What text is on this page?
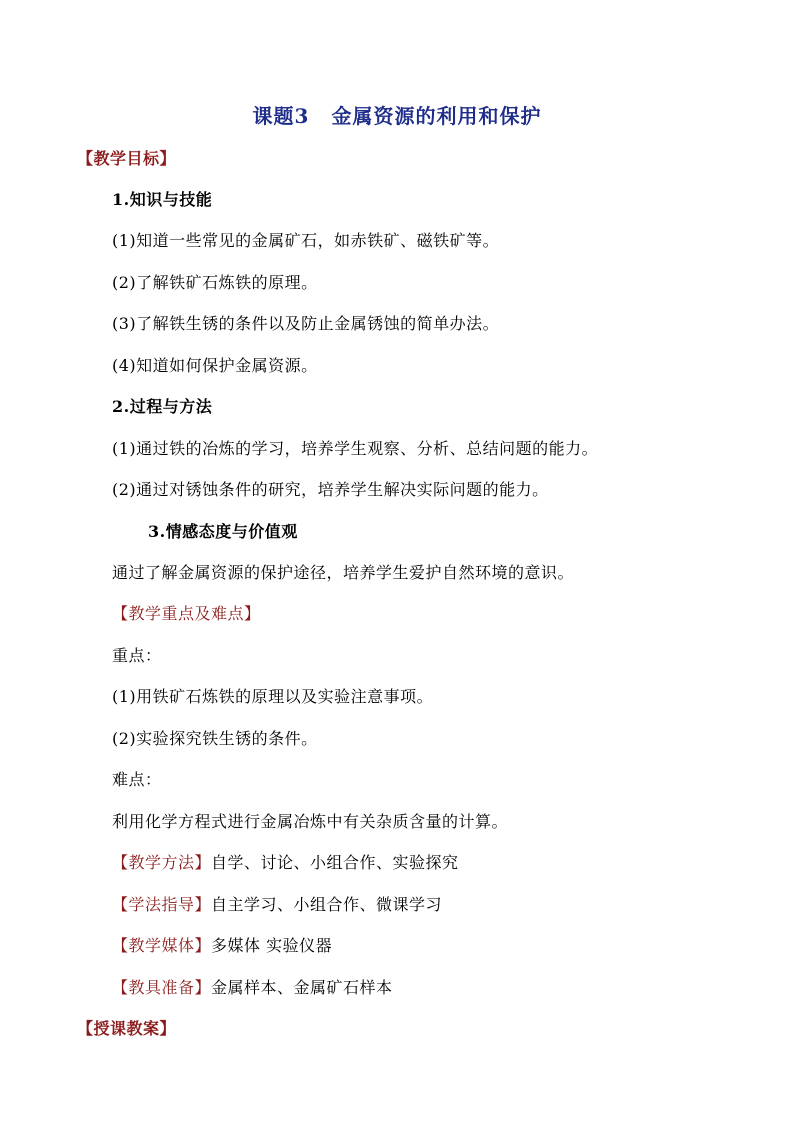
课题3 金属资源的利用和保护
【教学目标】
1.知识与技能
(1)知道一些常见的金属矿石，如赤铁矿、磁铁矿等。
(2)了解铁矿石炼铁的原理。
(3)了解铁生锈的条件以及防止金属锈蚀的简单办法。
(4)知道如何保护金属资源。
2.过程与方法
(1)通过铁的冶炼的学习，培养学生观察、分析、总结问题的能力。
(2)通过对锈蚀条件的研究，培养学生解决实际问题的能力。
3.情感态度与价值观
通过了解金属资源的保护途径，培养学生爱护自然环境的意识。
【教学重点及难点】
重点：
(1)用铁矿石炼铁的原理以及实验注意事项。
(2)实验探究铁生锈的条件。
难点：
利用化学方程式进行金属冶炼中有关杂质含量的计算。
【教学方法】自学、讨论、小组合作、实验探究
【学法指导】自主学习、小组合作、微课学习
【教学媒体】多媒体 实验仪器
【教具准备】金属样本、金属矿石样本
【授课教案】
